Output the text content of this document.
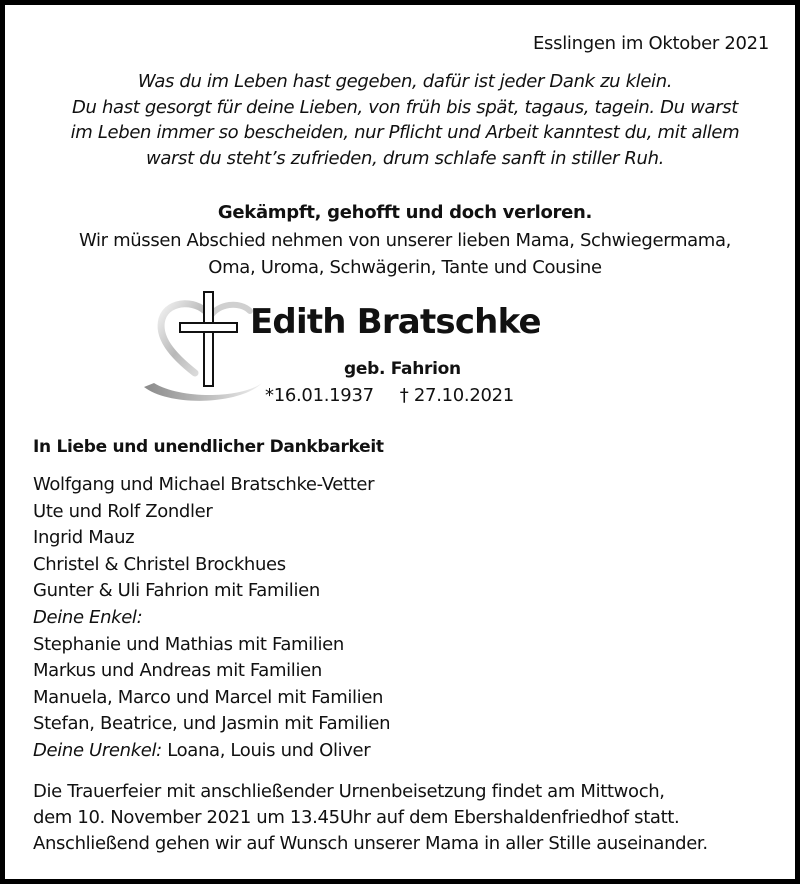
Esslingen im Oktober 2021
Was du im Leben hast gegeben, dafür ist jeder Dank zu klein.
Du hast gesorgt für deine Lieben, von früh bis spät, tagaus, tagein. Du warst
im Leben immer so bescheiden, nur Pflicht und Arbeit kanntest du, mit allem
warst du steht’s zufrieden, drum schlafe sanft in stiller Ruh.

Gekämpft, gehofft und doch verloren.

Wir müssen Abschied nehmen von unserer lieben Mama, Schwiegermama,
Oma, Uroma, Schwägerin, Tante und Cousine
Edith Bratschke
geb. Fahrion
*16.01.1937 † 27.10.2021

In Liebe und unendlicher Dankbarkeit

Wolfgang und Michael Bratschke-Vetter
Ute und Rolf Zondler
Ingrid Mauz
Christel & Christel Brockhues
Gunter & Uli Fahrion mit Familien
Deine Enkel:
Stephanie und Mathias mit Familien
Markus und Andreas mit Familien
Manuela, Marco und Marcel mit Familien
Stefan, Beatrice, und Jasmin mit Familien
Deine Urenkel: Loana, Louis und Oliver
Die Trauerfeier mit anschließender Urnenbeisetzung findet am Mittwoch,
dem 10. November 2021 um 13.45Uhr auf dem Ebershaldenfriedhof statt.
Anschließend gehen wir auf Wunsch unserer Mama in aller Stille auseinander.
